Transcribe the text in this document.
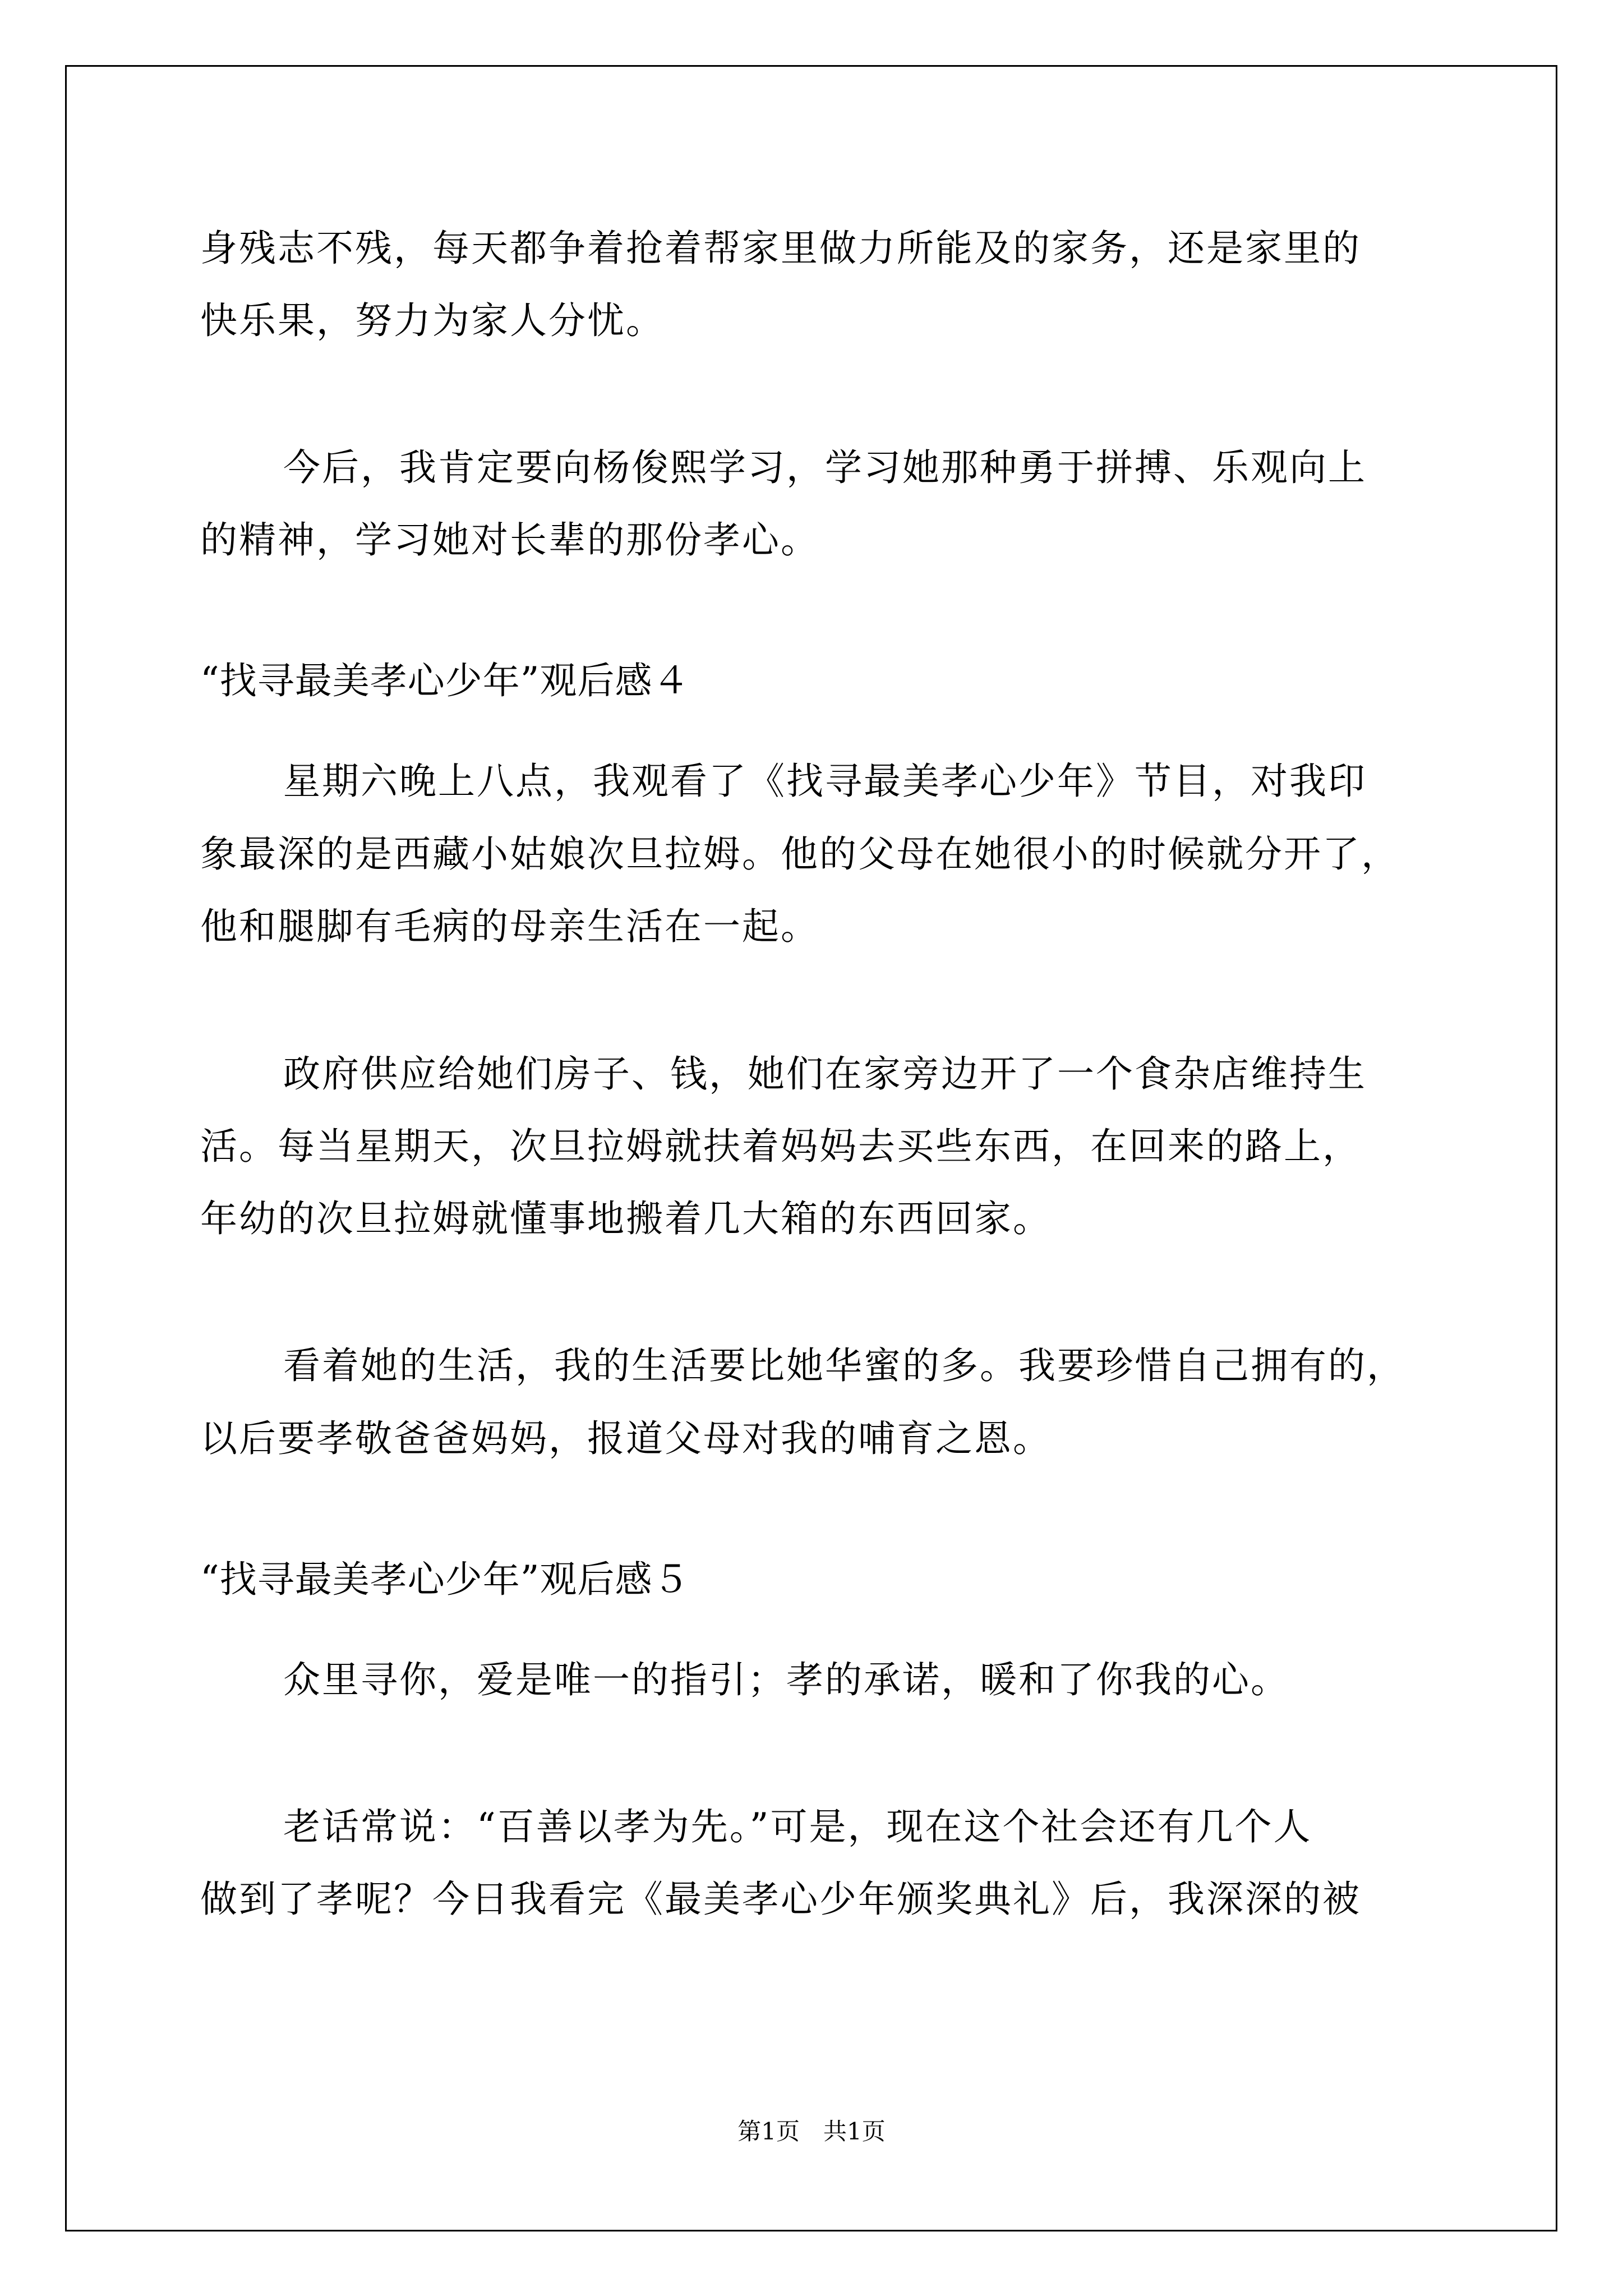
身残志不残，每天都争着抢着帮家里做力所能及的家务，还是家里的
快乐果，努力为家人分忧。
今后，我肯定要向杨俊熙学习，学习她那种勇于拼搏、乐观向上
的精神，学习她对长辈的那份孝心。
“找寻最美孝心少年”观后感４
星期六晚上八点，我观看了《找寻最美孝心少年》节目，对我印
象最深的是西藏小姑娘次旦拉姆。他的父母在她很小的时候就分开了，
他和腿脚有毛病的母亲生活在一起。
政府供应给她们房子、钱，她们在家旁边开了一个食杂店维持生
活。每当星期天，次旦拉姆就扶着妈妈去买些东西，在回来的路上，
年幼的次旦拉姆就懂事地搬着几大箱的东西回家。
看着她的生活，我的生活要比她华蜜的多。我要珍惜自己拥有的，
以后要孝敬爸爸妈妈，报道父母对我的哺育之恩。
“找寻最美孝心少年”观后感５
众里寻你，爱是唯一的指引；孝的承诺，暖和了你我的心。
老话常说：“百善以孝为先。”可是，现在这个社会还有几个人
做到了孝呢？今日我看完《最美孝心少年颁奖典礼》后，我深深的被
第1页　共1页
